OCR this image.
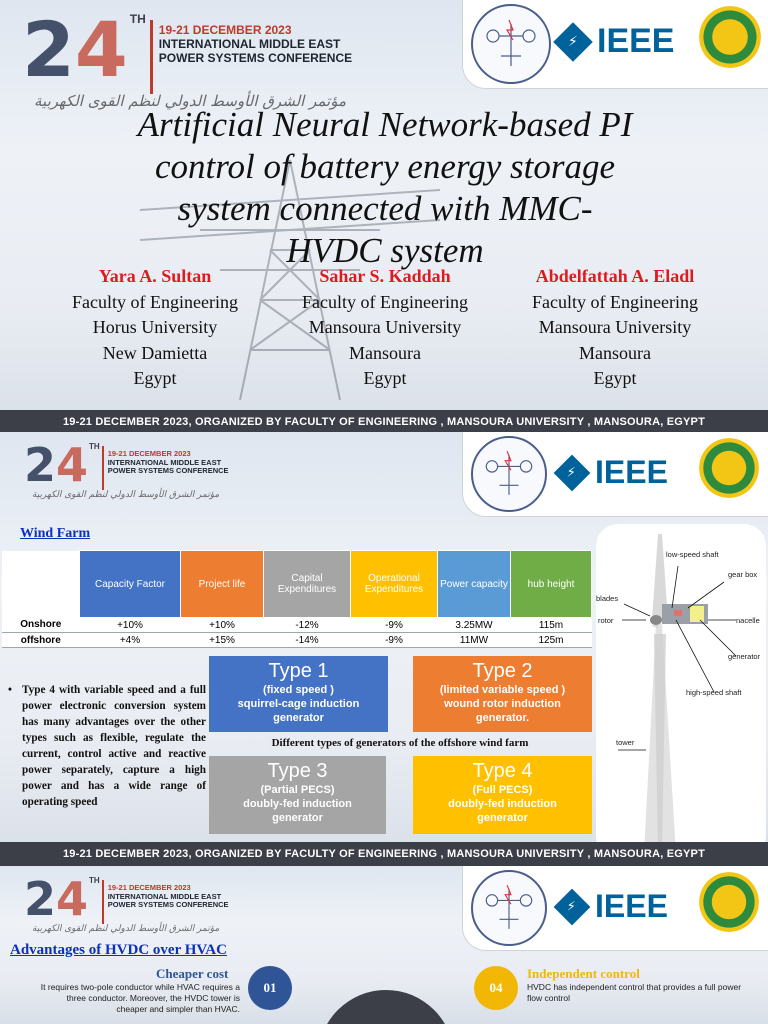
24 TH
19-21 DECEMBER 2023
INTERNATIONAL MIDDLE EAST
POWER SYSTEMS CONFERENCE
مؤتمر الشرق الأوسط الدولي لنظم القوى الكهربية
⚡ IEEE
Artificial Neural Network-based PI control of battery energy storage system connected with MMC-HVDC system
Yara A. Sultan
Faculty of Engineering
Horus University
New Damietta
Egypt
Sahar S. Kaddah
Faculty of Engineering
Mansoura University
Mansoura
Egypt
Abdelfattah A. Eladl
Faculty of Engineering
Mansoura University
Mansoura
Egypt
19-21 DECEMBER 2023, ORGANIZED BY FACULTY OF ENGINEERING , MANSOURA UNIVERSITY , MANSOURA, EGYPT
24 TH
19-21 DECEMBER 2023
INTERNATIONAL MIDDLE EAST
POWER SYSTEMS CONFERENCE
مؤتمر الشرق الأوسط الدولي لنظم القوى الكهربية
⚡ IEEE
Wind Farm
	Capacity Factor	Project life	Capital Expenditures	Operational Expenditures	Power capacity	hub height
Onshore	+10%	+10%	-12%	-9%	3.25MW	115m
offshore	+4%	+15%	-14%	-9%	11MW	125m
• Type 4 with variable speed and a full power electronic conversion system has many advantages over the other types such as flexible, regulate the current, control active and reactive power separately, capture a high power and has a wide range of operating speed
Type 1
(fixed speed )
squirrel-cage induction
generator
Type 2
(limited variable speed )
wound rotor induction
generator.
Different types of generators of the offshore wind farm
Type 3
(Partial PECS)
doubly-fed induction
generator
Type 4
(Full PECS)
doubly-fed induction
generator
low-speed shaft
gear box
blades
rotor	nacelle
generator
high-speed shaft
tower
19-21 DECEMBER 2023, ORGANIZED BY FACULTY OF ENGINEERING , MANSOURA UNIVERSITY , MANSOURA, EGYPT
24 TH
19-21 DECEMBER 2023
INTERNATIONAL MIDDLE EAST
POWER SYSTEMS CONFERENCE
مؤتمر الشرق الأوسط الدولي لنظم القوى الكهربية
⚡ IEEE
Advantages of HVDC over HVAC
Cheaper cost
It requires two-pole conductor while HVAC requires a three conductor. Moreover, the HVDC tower is cheaper and simpler than HVAC.
01	04
Independent control
HVDC has independent control that provides a full power flow control
